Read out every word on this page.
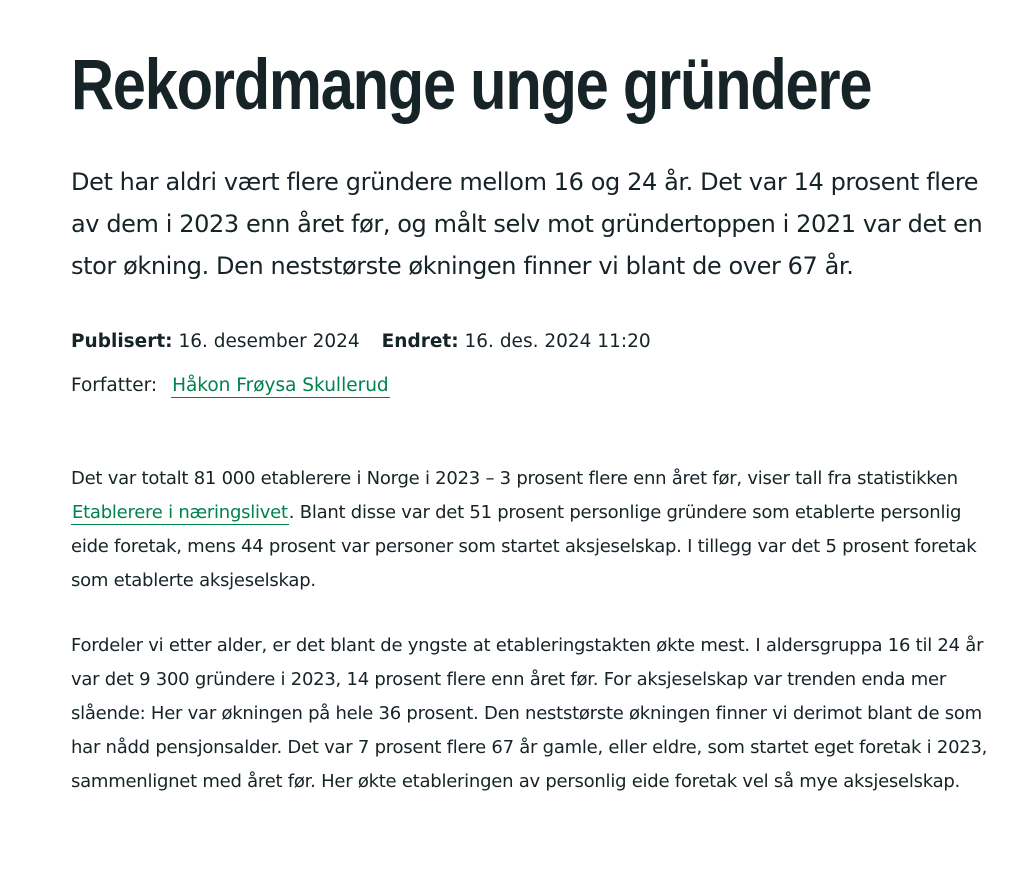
Rekordmange unge gründere

Det har aldri vært flere gründere mellom 16 og 24 år. Det var 14 prosent flere av dem i 2023 enn året før, og målt selv mot gründertoppen i 2021 var det en stor økning. Den neststørste økningen finner vi blant de over 67 år.

Publisert: 16. desember 2024 Endret: 16. des. 2024 11:20
Forfatter: Håkon Frøysa Skullerud

Det var totalt 81 000 etablerere i Norge i 2023 – 3 prosent flere enn året før, viser tall fra statistikken Etablerere i næringslivet. Blant disse var det 51 prosent personlige gründere som etablerte personlig eide foretak, mens 44 prosent var personer som startet aksjeselskap. I tillegg var det 5 prosent foretak som etablerte aksjeselskap.

Fordeler vi etter alder, er det blant de yngste at etableringstakten økte mest. I aldersgruppa 16 til 24 år var det 9 300 gründere i 2023, 14 prosent flere enn året før. For aksjeselskap var trenden enda mer slående: Her var økningen på hele 36 prosent. Den neststørste økningen finner vi derimot blant de som har nådd pensjonsalder. Det var 7 prosent flere 67 år gamle, eller eldre, som startet eget foretak i 2023, sammenlignet med året før. Her økte etableringen av personlig eide foretak vel så mye aksjeselskap.
